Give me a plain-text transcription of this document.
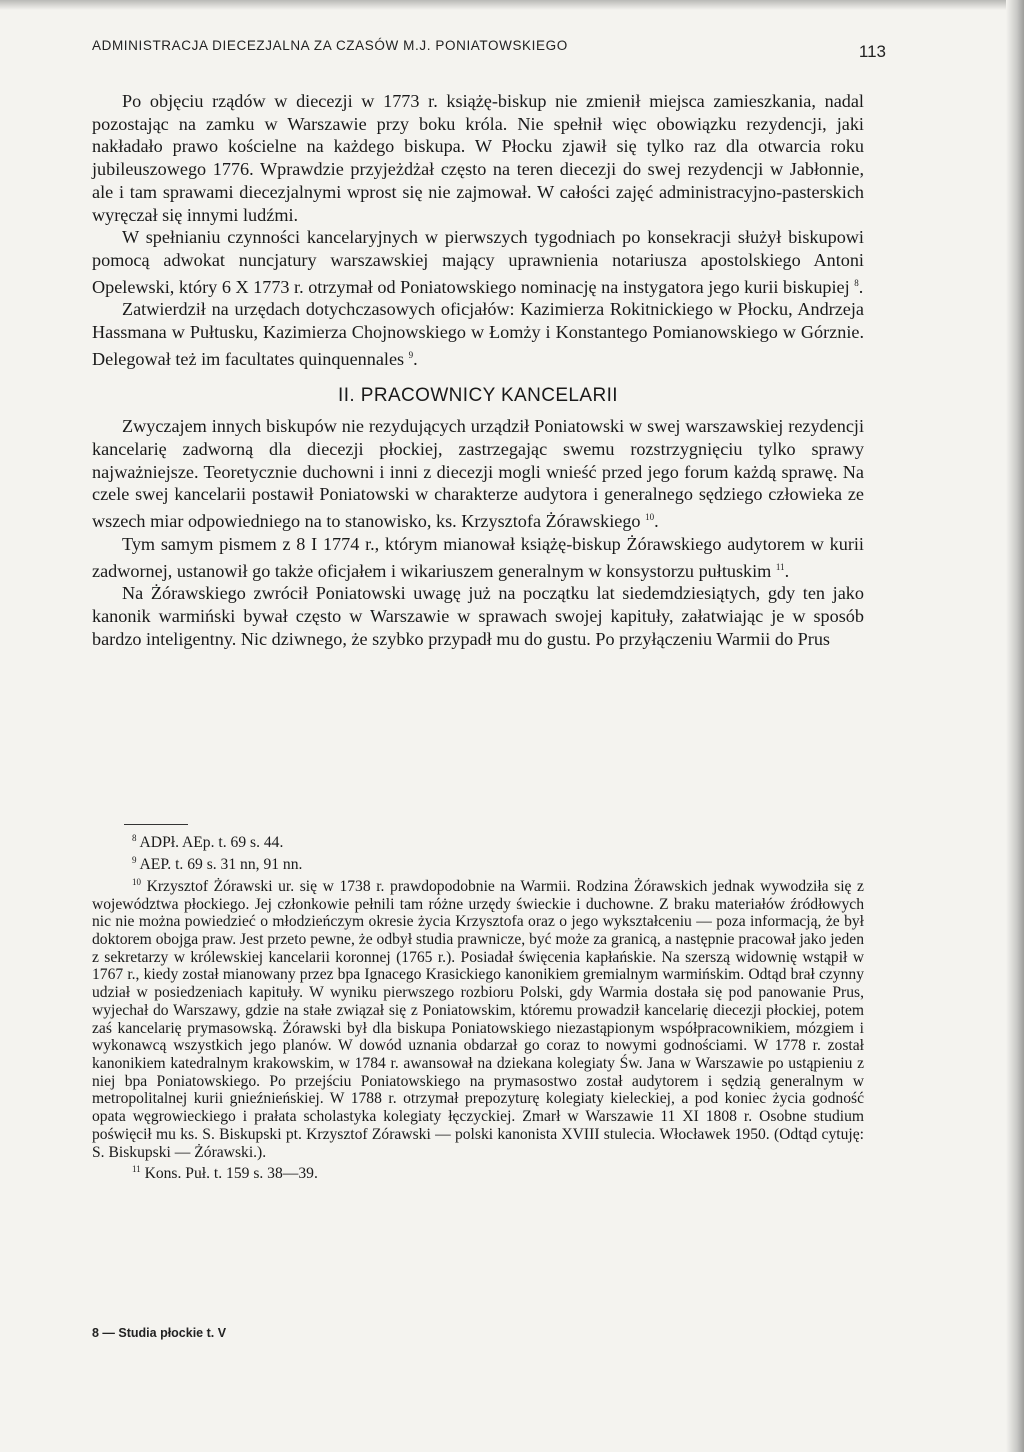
ADMINISTRACJA DIECEZJALNA ZA CZASÓW M.J. PONIATOWSKIEGO	113

Po objęciu rządów w diecezji w 1773 r. książę-biskup nie zmienił miejsca zamieszkania, nadal pozostając na zamku w Warszawie przy boku króla. Nie spełnił więc obowiązku rezydencji, jaki nakładało prawo kościelne na każdego biskupa. W Płocku zjawił się tylko raz dla otwarcia roku jubileuszowego 1776. Wprawdzie przyjeżdżał często na teren diecezji do swej rezydencji w Jabłonnie, ale i tam sprawami diecezjalnymi wprost się nie zajmował. W całości zajęć administracyjno-pasterskich wyręczał się innymi ludźmi.

W spełnianiu czynności kancelaryjnych w pierwszych tygodniach po konsekracji służył biskupowi pomocą adwokat nuncjatury warszawskiej mający uprawnienia notariusza apostolskiego Antoni Opelewski, który 6 X 1773 r. otrzymał od Poniatowskiego nominację na instygatora jego kurii biskupiej $^8$.

Zatwierdził na urzędach dotychczasowych oficjałów: Kazimierza Rokitnickiego w Płocku, Andrzeja Hassmana w Pułtusku, Kazimierza Chojnowskiego w Łomży i Konstantego Pomianowskiego w Górznie. Delegował też im facultates quinquennales $^9$.

II. PRACOWNICY KANCELARII

Zwyczajem innych biskupów nie rezydujących urządził Poniatowski w swej warszawskiej rezydencji kancelarię zadworną dla diecezji płockiej, zastrzegając swemu rozstrzygnięciu tylko sprawy najważniejsze. Teoretycznie duchowni i inni z diecezji mogli wnieść przed jego forum każdą sprawę. Na czele swej kancelarii postawił Poniatowski w charakterze audytora i generalnego sędziego człowieka ze wszech miar odpowiedniego na to stanowisko, ks. Krzysztofa Żórawskiego $^{10}$.

Tym samym pismem z 8 I 1774 r., którym mianował książę-biskup Żórawskiego audytorem w kurii zadwornej, ustanowił go także oficjałem i wikariuszem generalnym w konsystorzu pułtuskim $^{11}$.

Na Żórawskiego zwrócił Poniatowski uwagę już na początku lat siedemdziesiątych, gdy ten jako kanonik warmiński bywał często w Warszawie w sprawach swojej kapituły, załatwiając je w sposób bardzo inteligentny. Nic dziwnego, że szybko przypadł mu do gustu. Po przyłączeniu Warmii do Prus

$^8$ ADPł. AEp. t. 69 s. 44.

$^9$ AEP. t. 69 s. 31 nn, 91 nn.

$^{10}$ Krzysztof Żórawski ur. się w 1738 r. prawdopodobnie na Warmii. Rodzina Żórawskich jednak wywodziła się z województwa płockiego. Jej członkowie pełnili tam różne urzędy świeckie i duchowne. Z braku materiałów źródłowych nic nie można powiedzieć o młodzieńczym okresie życia Krzysztofa oraz o jego wykształceniu — poza informacją, że był doktorem obojga praw. Jest przeto pewne, że odbył studia prawnicze, być może za granicą, a następnie pracował jako jeden z sekretarzy w królewskiej kancelarii koronnej (1765 r.). Posiadał święcenia kapłańskie. Na szerszą widownię wstąpił w 1767 r., kiedy został mianowany przez bpa Ignacego Krasickiego kanonikiem gremialnym warmińskim. Odtąd brał czynny udział w posiedzeniach kapituły. W wyniku pierwszego rozbioru Polski, gdy Warmia dostała się pod panowanie Prus, wyjechał do Warszawy, gdzie na stałe związał się z Poniatowskim, któremu prowadził kancelarię diecezji płockiej, potem zaś kancelarię prymasowską. Żórawski był dla biskupa Poniatowskiego niezastąpionym współpracownikiem, mózgiem i wykonawcą wszystkich jego planów. W dowód uznania obdarzał go coraz to nowymi godnościami. W 1778 r. został kanonikiem katedralnym krakowskim, w 1784 r. awansował na dziekana kolegiaty Św. Jana w Warszawie po ustąpieniu z niej bpa Poniatowskiego. Po przejściu Poniatowskiego na prymasostwo został audytorem i sędzią generalnym w metropolitalnej kurii gnieźnieńskiej. W 1788 r. otrzymał prepozyturę kolegiaty kieleckiej, a pod koniec życia godność opata węgrowieckiego i prałata scholastyka kolegiaty łęczyckiej. Zmarł w Warszawie 11 XI 1808 r. Osobne studium poświęcił mu ks. S. Biskupski pt. Krzysztof Zórawski — polski kanonista XVIII stulecia. Włocławek 1950. (Odtąd cytuję: S. Biskupski — Żórawski.).

$^{11}$ Kons. Puł. t. 159 s. 38—39.

8 — Studia płockie t. V
